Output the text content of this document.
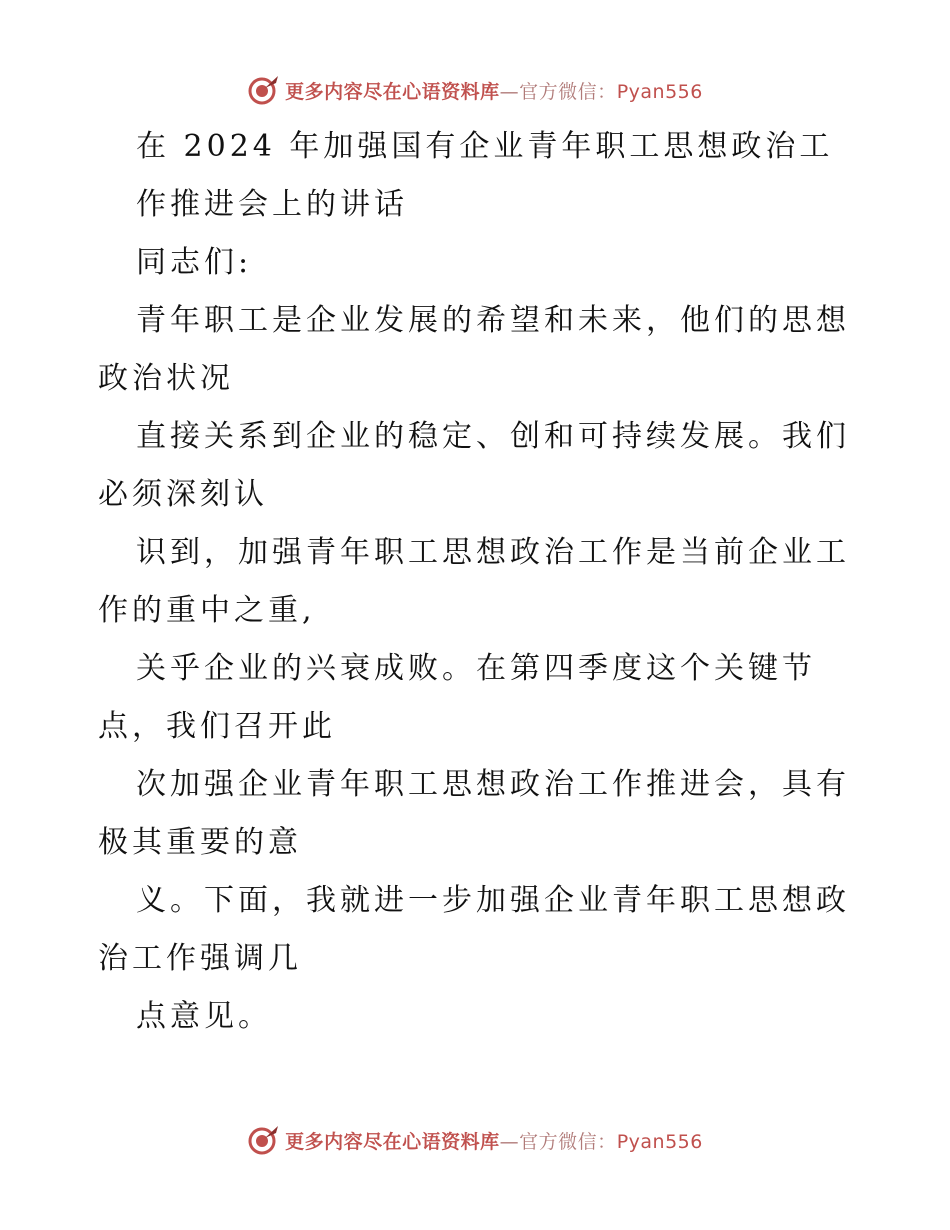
更多内容尽在心语资料库—官方微信：Pyan556
在 2024 年加强国有企业青年职工思想政治工
作推进会上的讲话
同志们:
青年职工是企业发展的希望和未来，他们的思想
政治状况
直接关系到企业的稳定、创和可持续发展。我们
必须深刻认
识到，加强青年职工思想政治工作是当前企业工
作的重中之重,
关乎企业的兴衰成败。在第四季度这个关键节
点，我们召开此
次加强企业青年职工思想政治工作推进会，具有
极其重要的意
义。下面，我就进一步加强企业青年职工思想政
治工作强调几
点意见。
更多内容尽在心语资料库—官方微信：Pyan556
